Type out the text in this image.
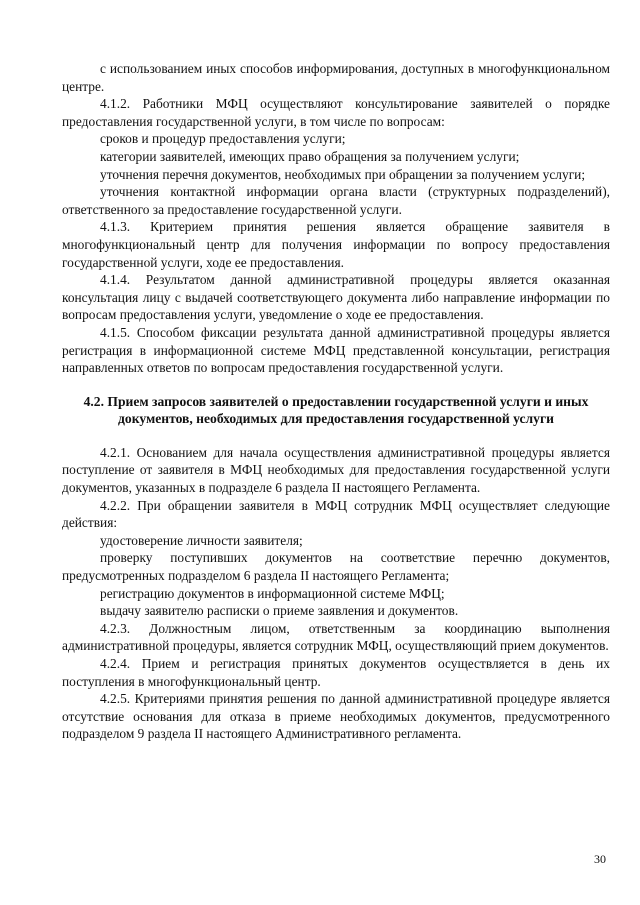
с использованием иных способов информирования, доступных в многофункциональном центре.

4.1.2. Работники МФЦ осуществляют консультирование заявителей о порядке предоставления государственной услуги, в том числе по вопросам:

сроков и процедур предоставления услуги;

категории заявителей, имеющих право обращения за получением услуги;

уточнения перечня документов, необходимых при обращении за получением услуги;

уточнения контактной информации органа власти (структурных подразделений), ответственного за предоставление государственной услуги.

4.1.3. Критерием принятия решения является обращение заявителя в многофункциональный центр для получения информации по вопросу предоставления государственной услуги, ходе ее предоставления.

4.1.4. Результатом данной административной процедуры является оказанная консультация лицу с выдачей соответствующего документа либо направление информации по вопросам предоставления услуги, уведомление о ходе ее предоставления.

4.1.5. Способом фиксации результата данной административной процедуры является регистрация в информационной системе МФЦ представленной консультации, регистрация направленных ответов по вопросам предоставления государственной услуги.

4.2. Прием запросов заявителей о предоставлении государственной услуги и иных документов, необходимых для предоставления государственной услуги

4.2.1. Основанием для начала осуществления административной процедуры является поступление от заявителя в МФЦ необходимых для предоставления государственной услуги документов, указанных в подразделе 6 раздела II настоящего Регламента.

4.2.2. При обращении заявителя в МФЦ сотрудник МФЦ осуществляет следующие действия:

удостоверение личности заявителя;

проверку поступивших документов на соответствие перечню документов, предусмотренных подразделом 6 раздела II настоящего Регламента;

регистрацию документов в информационной системе МФЦ;

выдачу заявителю расписки о приеме заявления и документов.

4.2.3. Должностным лицом, ответственным за координацию выполнения административной процедуры, является сотрудник МФЦ, осуществляющий прием документов.

4.2.4. Прием и регистрация принятых документов осуществляется в день их поступления в многофункциональный центр.

4.2.5. Критериями принятия решения по данной административной процедуре является отсутствие основания для отказа в приеме необходимых документов, предусмотренного подразделом 9 раздела II настоящего Административного регламента.

30
